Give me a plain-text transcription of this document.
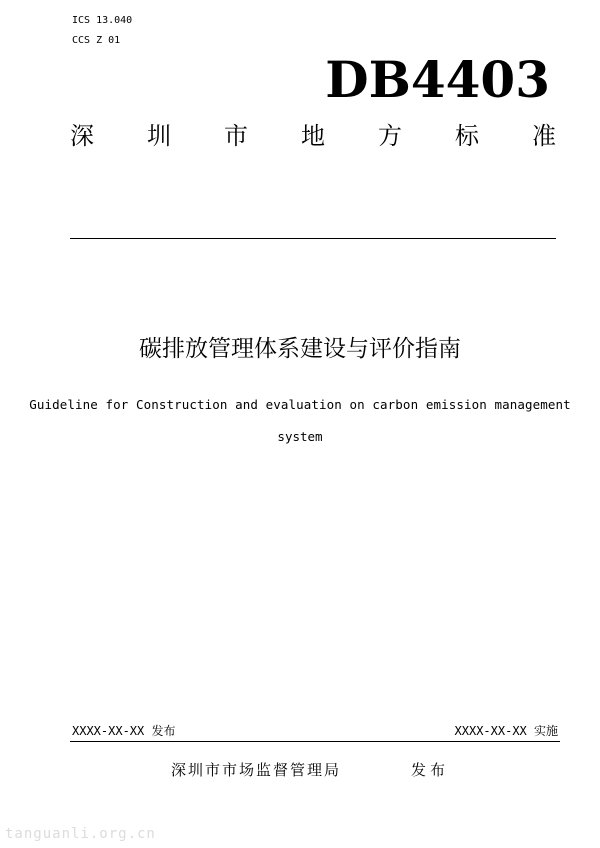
ICS 13.040
CCS Z 01
DB4403
深 圳 市 地 方 标 准
碳排放管理体系建设与评价指南
Guideline for Construction and evaluation on carbon emission management
system
XXXX-XX-XX 发布	XXXX-XX-XX 实施
深圳市市场监督管理局	发布
tanguanli.org.cn
